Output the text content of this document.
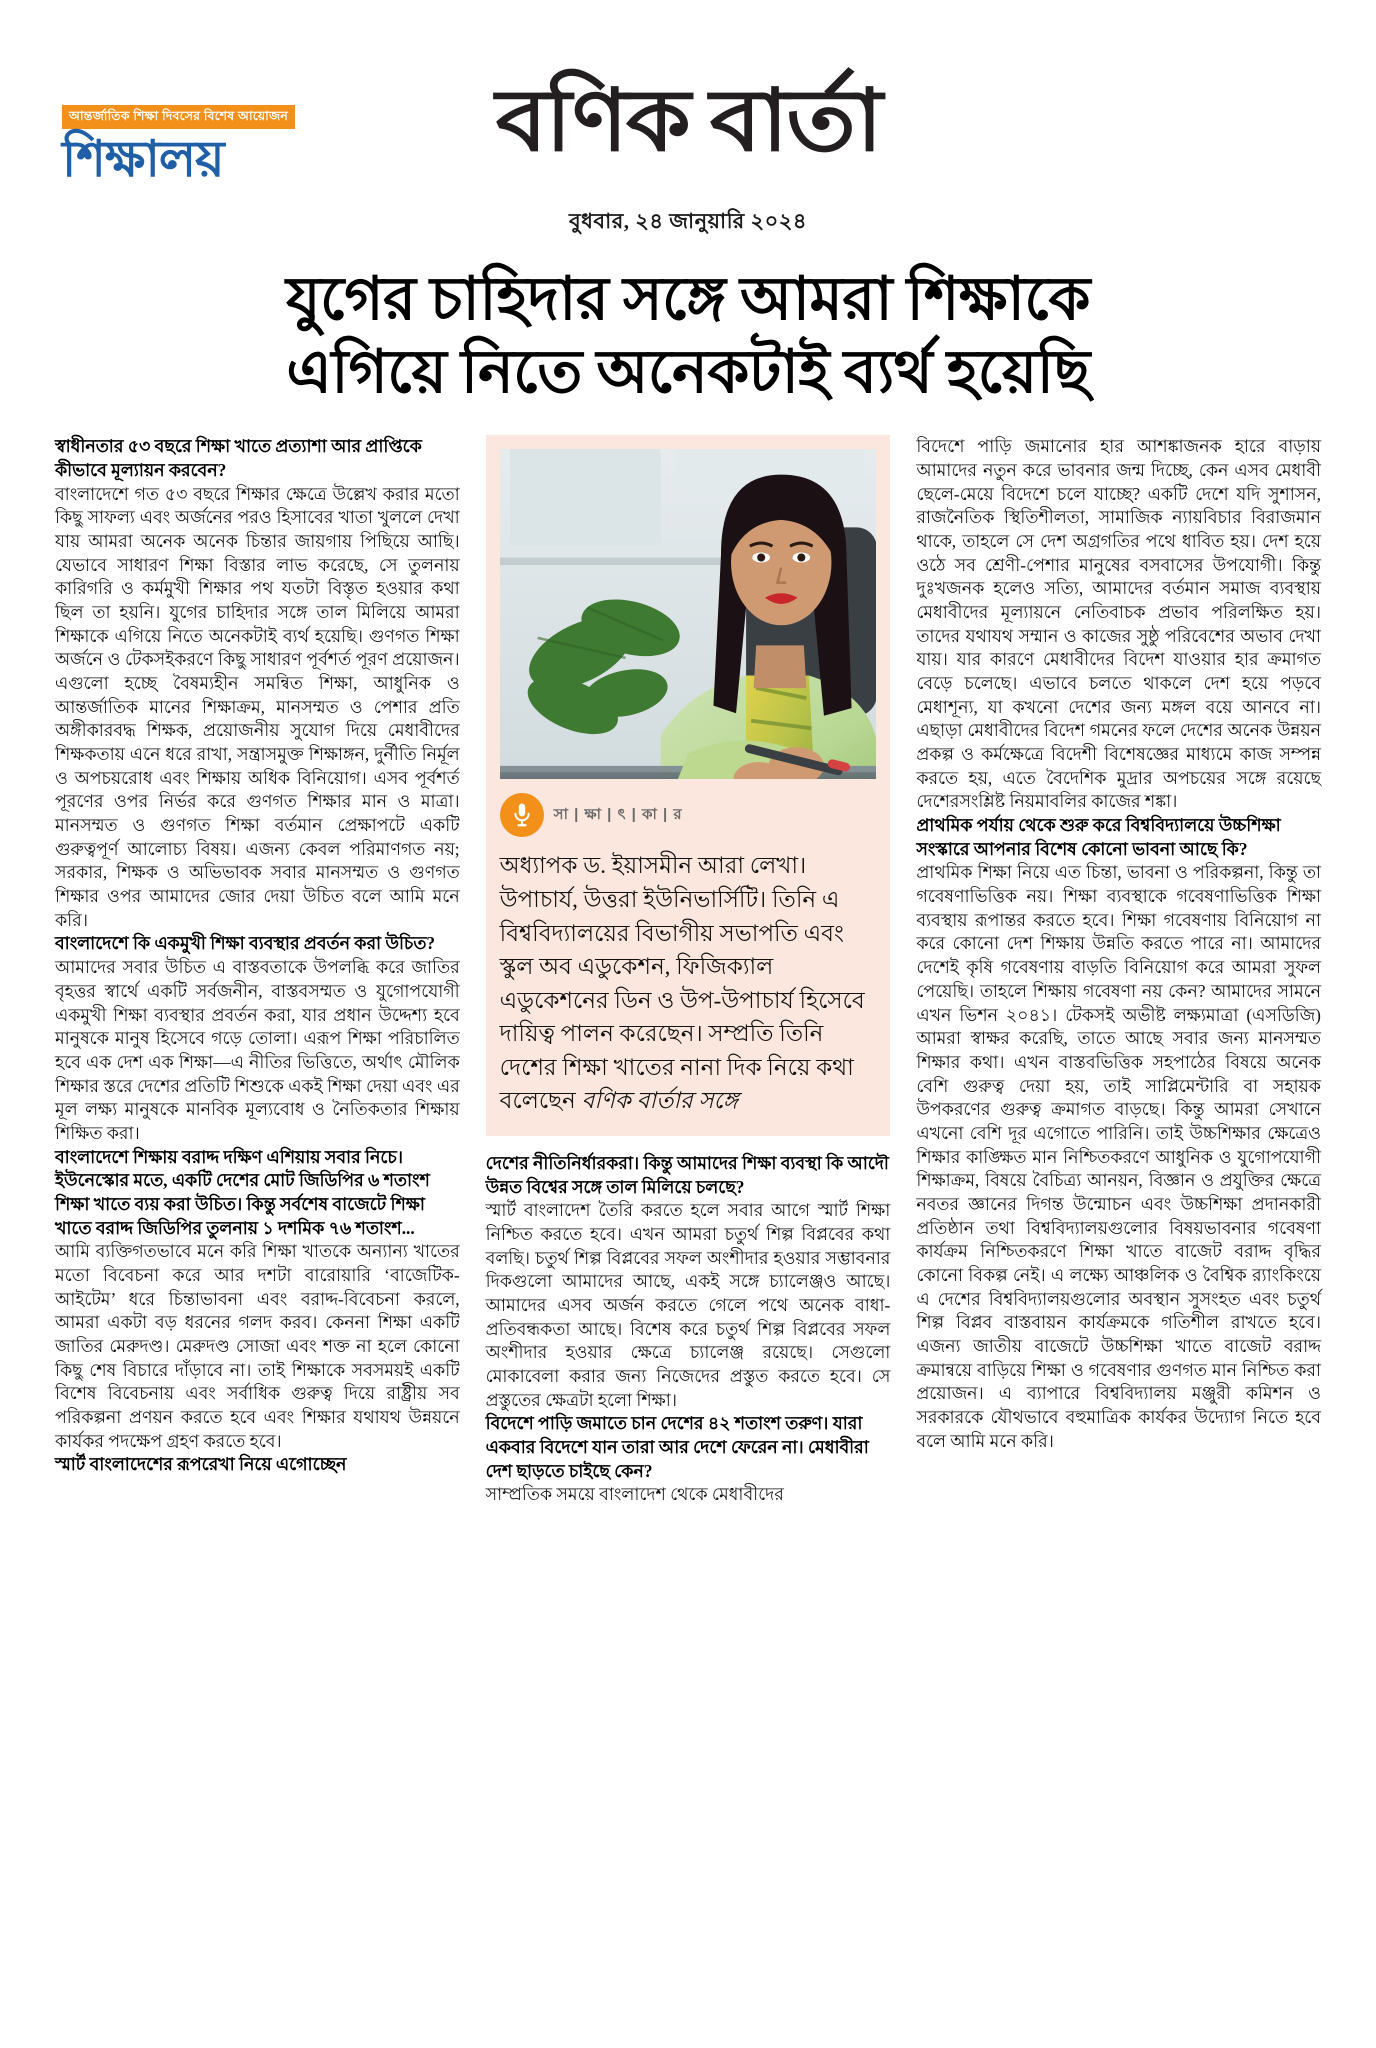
আন্তর্জাতিক শিক্ষা দিবসের বিশেষ আয়োজন
শিক্ষালয়	বণিক বার্তা
বুধবার, ২৪ জানুয়ারি ২০২৪
যুগের চাহিদার সঙ্গে আমরা শিক্ষাকে
এগিয়ে নিতে অনেকটাই ব্যর্থ হয়েছি
স্বাধীনতার ৫৩ বছরে শিক্ষা খাতে প্রত্যাশা আর প্রাপ্তিকে কীভাবে মূল্যায়ন করবেন?
বাংলাদেশে গত ৫৩ বছরে শিক্ষার ক্ষেত্রে উল্লেখ করার মতো কিছু সাফল্য এবং অর্জনের পরও হিসাবের খাতা খুললে দেখা যায় আমরা অনেক অনেক চিন্তার জায়গায় পিছিয়ে আছি। যেভাবে সাধারণ শিক্ষা বিস্তার লাভ করেছে, সে তুলনায় কারিগরি ও কর্মমুখী শিক্ষার পথ যতটা বিস্তৃত হওয়ার কথা ছিল তা হয়নি। যুগের চাহিদার সঙ্গে তাল মিলিয়ে আমরা শিক্ষাকে এগিয়ে নিতে অনেকটাই ব্যর্থ হয়েছি। গুণগত শিক্ষা অর্জনে ও টেকসইকরণে কিছু সাধারণ পূর্বশর্ত পূরণ প্রয়োজন। এগুলো হচ্ছে বৈষম্যহীন সমন্বিত শিক্ষা, আধুনিক ও আন্তর্জাতিক মানের শিক্ষাক্রম, মানসম্মত ও পেশার প্রতি অঙ্গীকারবদ্ধ শিক্ষক, প্রয়োজনীয় সুযোগ দিয়ে মেধাবীদের শিক্ষকতায় এনে ধরে রাখা, সন্ত্রাসমুক্ত শিক্ষাঙ্গন, দুর্নীতি নির্মূল ও অপচয়রোধ এবং শিক্ষায় অধিক বিনিয়োগ। এসব পূর্বশর্ত পূরণের ওপর নির্ভর করে গুণগত শিক্ষার মান ও মাত্রা। মানসম্মত ও গুণগত শিক্ষা বর্তমান প্রেক্ষাপটে একটি গুরুত্বপূর্ণ আলোচ্য বিষয়। এজন্য কেবল পরিমাণগত নয়; সরকার, শিক্ষক ও অভিভাবক সবার মানসম্মত ও গুণগত শিক্ষার ওপর আমাদের জোর দেয়া উচিত বলে আমি মনে করি।
বাংলাদেশে কি একমুখী শিক্ষা ব্যবস্থার প্রবর্তন করা উচিত?
আমাদের সবার উচিত এ বাস্তবতাকে উপলব্ধি করে জাতির বৃহত্তর স্বার্থে একটি সর্বজনীন, বাস্তবসম্মত ও যুগোপযোগী একমুখী শিক্ষা ব্যবস্থার প্রবর্তন করা, যার প্রধান উদ্দেশ্য হবে মানুষকে মানুষ হিসেবে গড়ে তোলা। এরূপ শিক্ষা পরিচালিত হবে এক দেশ এক শিক্ষা—এ নীতির ভিত্তিতে, অর্থাৎ মৌলিক শিক্ষার স্তরে দেশের প্রতিটি শিশুকে একই শিক্ষা দেয়া এবং এর মূল লক্ষ্য মানুষকে মানবিক মূল্যবোধ ও নৈতিকতার শিক্ষায় শিক্ষিত করা।
বাংলাদেশে শিক্ষায় বরাদ্দ দক্ষিণ এশিয়ায় সবার নিচে। ইউনেস্কোর মতে, একটি দেশের মোট জিডিপির ৬ শতাংশ শিক্ষা খাতে ব্যয় করা উচিত। কিন্তু সর্বশেষ বাজেটে শিক্ষা খাতে বরাদ্দ জিডিপির তুলনায় ১ দশমিক ৭৬ শতাংশ...
আমি ব্যক্তিগতভাবে মনে করি শিক্ষা খাতকে অন্যান্য খাতের মতো বিবেচনা করে আর দশটা বারোয়ারি ‘বাজেটিক-আইটেম’ ধরে চিন্তাভাবনা এবং বরাদ্দ-বিবেচনা করলে, আমরা একটা বড় ধরনের গলদ করব। কেননা শিক্ষা একটি জাতির মেরুদণ্ড। মেরুদণ্ড সোজা এবং শক্ত না হলে কোনো কিছু শেষ বিচারে দাঁড়াবে না। তাই শিক্ষাকে সবসময়ই একটি বিশেষ বিবেচনায় এবং সর্বাধিক গুরুত্ব দিয়ে রাষ্ট্রীয় সব পরিকল্পনা প্রণয়ন করতে হবে এবং শিক্ষার যথাযথ উন্নয়নে কার্যকর পদক্ষেপ গ্রহণ করতে হবে।
স্মার্ট বাংলাদেশের রূপরেখা নিয়ে এগোচ্ছেন
সা | ক্ষা | ৎ | কা | র
অধ্যাপক ড. ইয়াসমীন আরা লেখা। উপাচার্য, উত্তরা ইউনিভার্সিটি। তিনি এ বিশ্ববিদ্যালয়ের বিভাগীয় সভাপতি এবং স্কুল অব এডুকেশন, ফিজিক্যাল এডুকেশনের ডিন ও উপ-উপাচার্য হিসেবে দায়িত্ব পালন করেছেন। সম্প্রতি তিনি দেশের শিক্ষা খাতের নানা দিক নিয়ে কথা বলেছেন বণিক বার্তার সঙ্গে
দেশের নীতিনির্ধারকরা। কিন্তু আমাদের শিক্ষা ব্যবস্থা কি আদৌ উন্নত বিশ্বের সঙ্গে তাল মিলিয়ে চলছে?
স্মার্ট বাংলাদেশ তৈরি করতে হলে সবার আগে স্মার্ট শিক্ষা নিশ্চিত করতে হবে। এখন আমরা চতুর্থ শিল্প বিপ্লবের কথা বলছি। চতুর্থ শিল্প বিপ্লবের সফল অংশীদার হওয়ার সম্ভাবনার দিকগুলো আমাদের আছে, একই সঙ্গে চ্যালেঞ্জও আছে। আমাদের এসব অর্জন করতে গেলে পথে অনেক বাধা-প্রতিবন্ধকতা আছে। বিশেষ করে চতুর্থ শিল্প বিপ্লবের সফল অংশীদার হওয়ার ক্ষেত্রে চ্যালেঞ্জ রয়েছে। সেগুলো মোকাবেলা করার জন্য নিজেদের প্রস্তুত করতে হবে। সে প্রস্তুতের ক্ষেত্রটা হলো শিক্ষা।
বিদেশে পাড়ি জমাতে চান দেশের ৪২ শতাংশ তরুণ। যারা একবার বিদেশে যান তারা আর দেশে ফেরেন না। মেধাবীরা দেশ ছাড়তে চাইছে কেন?
সাম্প্রতিক সময়ে বাংলাদেশ থেকে মেধাবীদের
বিদেশে পাড়ি জমানোর হার আশঙ্কাজনক হারে বাড়ায় আমাদের নতুন করে ভাবনার জন্ম দিচ্ছে, কেন এসব মেধাবী ছেলে-মেয়ে বিদেশে চলে যাচ্ছে? একটি দেশে যদি সুশাসন, রাজনৈতিক স্থিতিশীলতা, সামাজিক ন্যায়বিচার বিরাজমান থাকে, তাহলে সে দেশ অগ্রগতির পথে ধাবিত হয়। দেশ হয়ে ওঠে সব শ্রেণী-পেশার মানুষের বসবাসের উপযোগী। কিন্তু দুঃখজনক হলেও সত্যি, আমাদের বর্তমান সমাজ ব্যবস্থায় মেধাবীদের মূল্যায়নে নেতিবাচক প্রভাব পরিলক্ষিত হয়। তাদের যথাযথ সম্মান ও কাজের সুষ্ঠু পরিবেশের অভাব দেখা যায়। যার কারণে মেধাবীদের বিদেশ যাওয়ার হার ক্রমাগত বেড়ে চলেছে। এভাবে চলতে থাকলে দেশ হয়ে পড়বে মেধাশূন্য, যা কখনো দেশের জন্য মঙ্গল বয়ে আনবে না। এছাড়া মেধাবীদের বিদেশ গমনের ফলে দেশের অনেক উন্নয়ন প্রকল্প ও কর্মক্ষেত্রে বিদেশী বিশেষজ্ঞের মাধ্যমে কাজ সম্পন্ন করতে হয়, এতে বৈদেশিক মুদ্রার অপচয়ের সঙ্গে রয়েছে দেশেরসংশ্লিষ্ট নিয়মাবলির কাজের শঙ্কা।
প্রাথমিক পর্যায় থেকে শুরু করে বিশ্ববিদ্যালয়ে উচ্চশিক্ষা সংস্কারে আপনার বিশেষ কোনো ভাবনা আছে কি?
প্রাথমিক শিক্ষা নিয়ে এত চিন্তা, ভাবনা ও পরিকল্পনা, কিন্তু তা গবেষণাভিত্তিক নয়। শিক্ষা ব্যবস্থাকে গবেষণাভিত্তিক শিক্ষা ব্যবস্থায় রূপান্তর করতে হবে। শিক্ষা গবেষণায় বিনিয়োগ না করে কোনো দেশ শিক্ষায় উন্নতি করতে পারে না। আমাদের দেশেই কৃষি গবেষণায় বাড়তি বিনিয়োগ করে আমরা সুফল পেয়েছি। তাহলে শিক্ষায় গবেষণা নয় কেন? আমাদের সামনে এখন ভিশন ২০৪১। টেকসই অভীষ্ট লক্ষ্যমাত্রা (এসডিজি) আমরা স্বাক্ষর করেছি, তাতে আছে সবার জন্য মানসম্মত শিক্ষার কথা। এখন বাস্তবভিত্তিক সহপাঠের বিষয়ে অনেক বেশি গুরুত্ব দেয়া হয়, তাই সাপ্লিমেন্টারি বা সহায়ক উপকরণের গুরুত্ব ক্রমাগত বাড়ছে। কিন্তু আমরা সেখানে এখনো বেশি দূর এগোতে পারিনি। তাই উচ্চশিক্ষার ক্ষেত্রেও শিক্ষার কাঙ্ক্ষিত মান নিশ্চিতকরণে আধুনিক ও যুগোপযোগী শিক্ষাক্রম, বিষয়ে বৈচিত্র্য আনয়ন, বিজ্ঞান ও প্রযুক্তির ক্ষেত্রে নবতর জ্ঞানের দিগন্ত উন্মোচন এবং উচ্চশিক্ষা প্রদানকারী প্রতিষ্ঠান তথা বিশ্ববিদ্যালয়গুলোর বিষয়ভাবনার গবেষণা কার্যক্রম নিশ্চিতকরণে শিক্ষা খাতে বাজেট বরাদ্দ বৃদ্ধির কোনো বিকল্প নেই। এ লক্ষ্যে আঞ্চলিক ও বৈশ্বিক র‍্যাংকিংয়ে এ দেশের বিশ্ববিদ্যালয়গুলোর অবস্থান সুসংহত এবং চতুর্থ শিল্প বিপ্লব বাস্তবায়ন কার্যক্রমকে গতিশীল রাখতে হবে। এজন্য জাতীয় বাজেটে উচ্চশিক্ষা খাতে বাজেট বরাদ্দ ক্রমান্বয়ে বাড়িয়ে শিক্ষা ও গবেষণার গুণগত মান নিশ্চিত করা প্রয়োজন। এ ব্যাপারে বিশ্ববিদ্যালয় মঞ্জুরী কমিশন ও সরকারকে যৌথভাবে বহুমাত্রিক কার্যকর উদ্যোগ নিতে হবে বলে আমি মনে করি।
